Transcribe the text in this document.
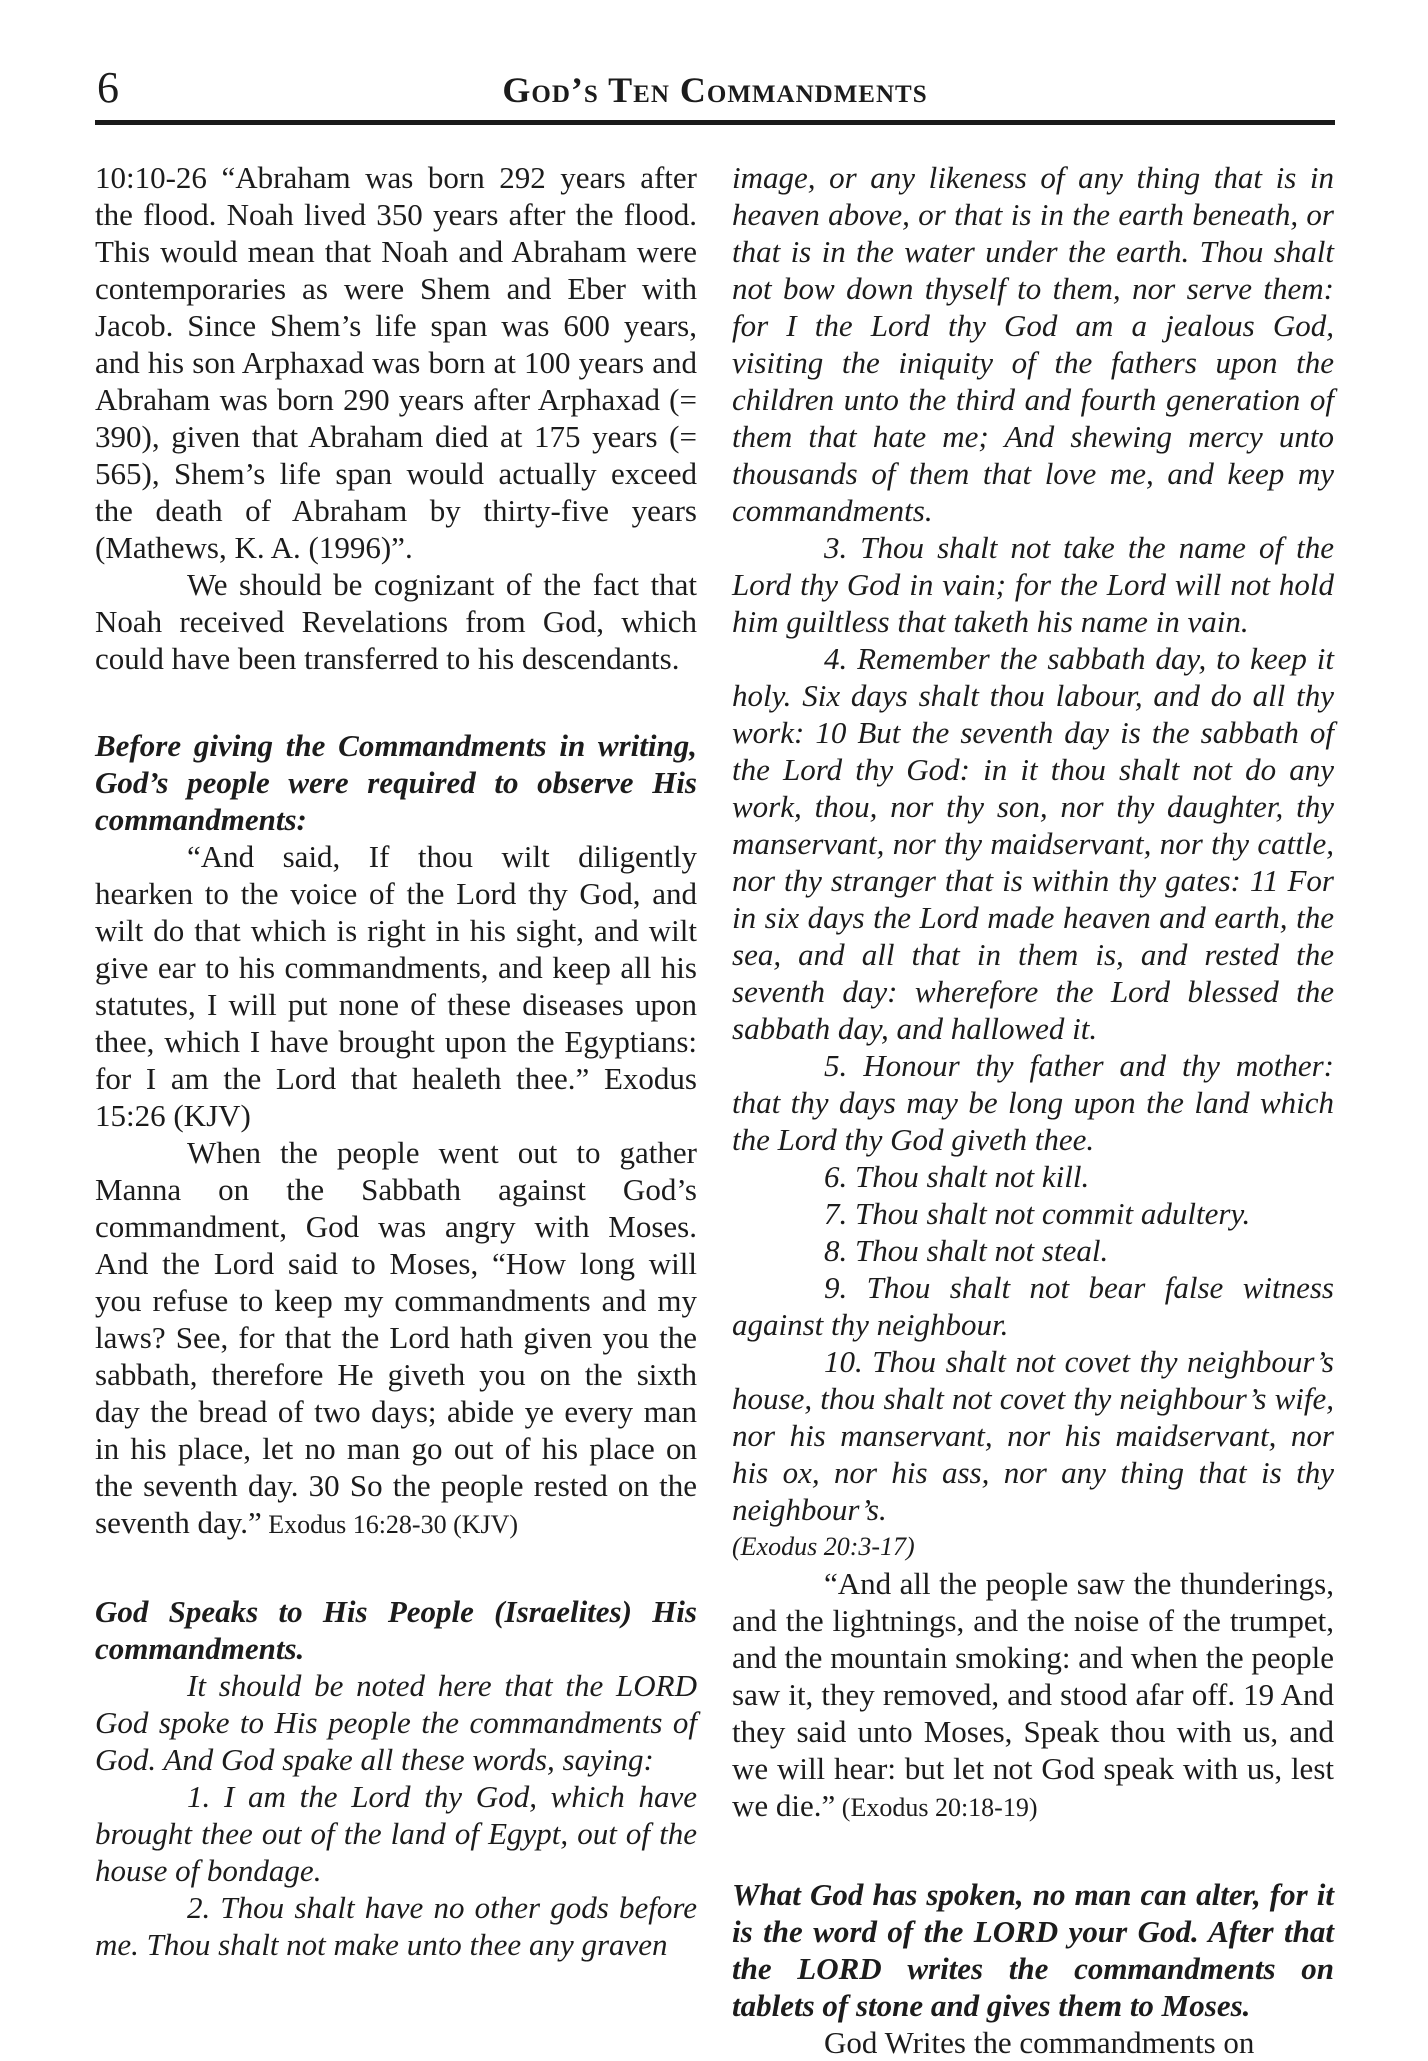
6	God’s Ten Commandments

10:10-26 “Abraham was born 292 years after the flood. Noah lived 350 years after the flood. This would mean that Noah and Abraham were contemporaries as were Shem and Eber with Jacob. Since Shem’s life span was 600 years, and his son Arphaxad was born at 100 years and Abraham was born 290 years after Arphaxad (= 390), given that Abraham died at 175 years (= 565), Shem’s life span would actually exceed the death of Abraham by thirty-five years (Mathews, K. A. (1996)”.

We should be cognizant of the fact that Noah received Revelations from God, which could have been transferred to his descendants.

Before giving the Commandments in writing, God’s people were required to observe His commandments:

“And said, If thou wilt diligently hearken to the voice of the Lord thy God, and wilt do that which is right in his sight, and wilt give ear to his commandments, and keep all his statutes, I will put none of these diseases upon thee, which I have brought upon the Egyptians: for I am the Lord that healeth thee.” Exodus 15:26 (KJV)

When the people went out to gather Manna on the Sabbath against God’s commandment, God was angry with Moses. And the Lord said to Moses, “How long will you refuse to keep my commandments and my laws? See, for that the Lord hath given you the sabbath, therefore He giveth you on the sixth day the bread of two days; abide ye every man in his place, let no man go out of his place on the seventh day. 30 So the people rested on the seventh day.” Exodus 16:28-30 (KJV)

God Speaks to His People (Israelites) His commandments.

It should be noted here that the LORD God spoke to His people the commandments of God. And God spake all these words, saying:

1. I am the Lord thy God, which have brought thee out of the land of Egypt, out of the house of bondage.

2. Thou shalt have no other gods before me. Thou shalt not make unto thee any graven

image, or any likeness of any thing that is in heaven above, or that is in the earth beneath, or that is in the water under the earth. Thou shalt not bow down thyself to them, nor serve them: for I the Lord thy God am a jealous God, visiting the iniquity of the fathers upon the children unto the third and fourth generation of them that hate me; And shewing mercy unto thousands of them that love me, and keep my commandments.

3. Thou shalt not take the name of the Lord thy God in vain; for the Lord will not hold him guiltless that taketh his name in vain.

4. Remember the sabbath day, to keep it holy. Six days shalt thou labour, and do all thy work: 10 But the seventh day is the sabbath of the Lord thy God: in it thou shalt not do any work, thou, nor thy son, nor thy daughter, thy manservant, nor thy maidservant, nor thy cattle, nor thy stranger that is within thy gates: 11 For in six days the Lord made heaven and earth, the sea, and all that in them is, and rested the seventh day: wherefore the Lord blessed the sabbath day, and hallowed it.

5. Honour thy father and thy mother: that thy days may be long upon the land which the Lord thy God giveth thee.

6. Thou shalt not kill.

7. Thou shalt not commit adultery.

8. Thou shalt not steal.

9. Thou shalt not bear false witness against thy neighbour.

10. Thou shalt not covet thy neighbour’s house, thou shalt not covet thy neighbour’s wife, nor his manservant, nor his maidservant, nor his ox, nor his ass, nor any thing that is thy neighbour’s.

(Exodus 20:3-17)

“And all the people saw the thunderings, and the lightnings, and the noise of the trumpet, and the mountain smoking: and when the people saw it, they removed, and stood afar off. 19 And they said unto Moses, Speak thou with us, and we will hear: but let not God speak with us, lest we die.” (Exodus 20:18-19)

What God has spoken, no man can alter, for it is the word of the LORD your God. After that the LORD writes the commandments on tablets of stone and gives them to Moses.

God Writes the commandments on
